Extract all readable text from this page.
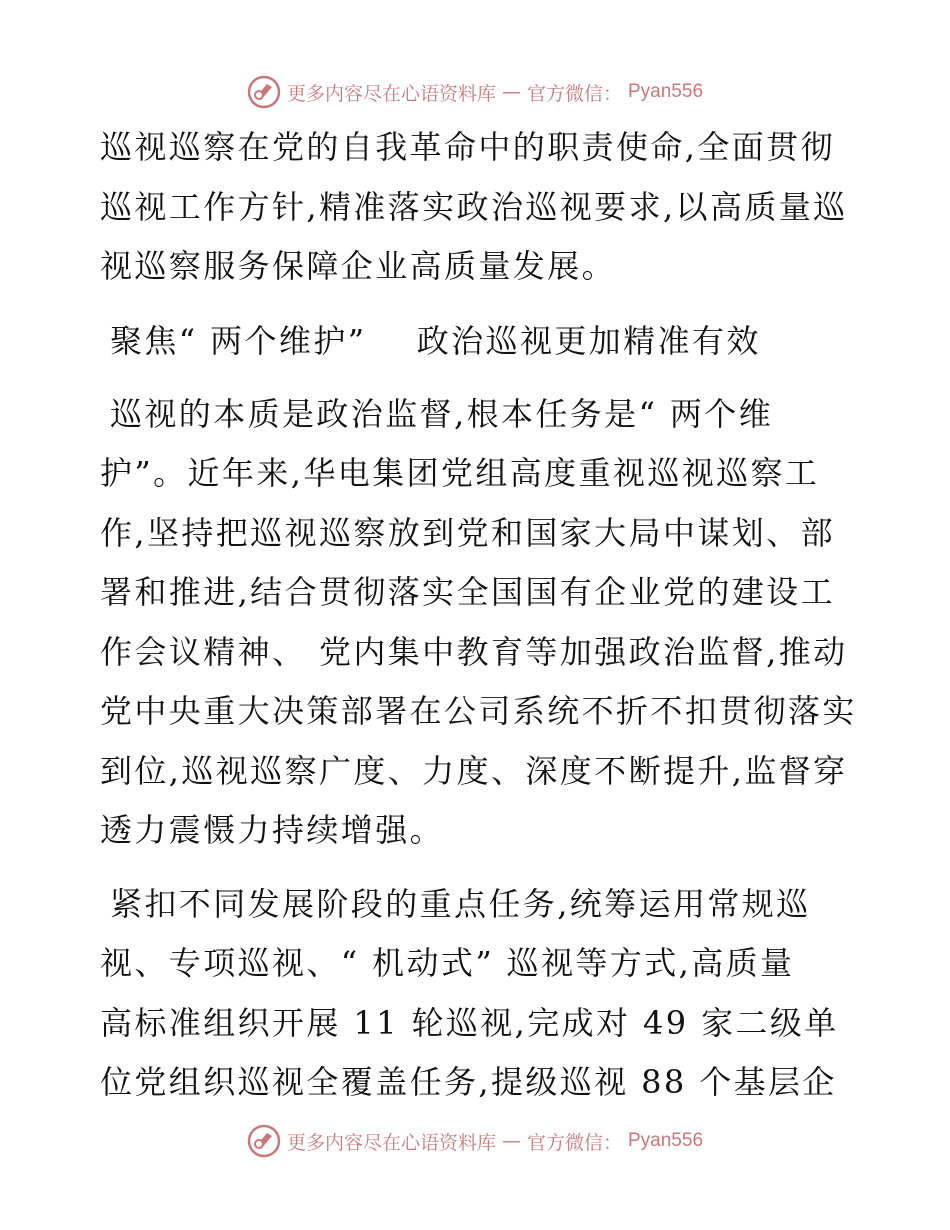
更多内容尽在心语资料库 — 官方微信： Pyan556

巡视巡察在党的自我革命中的职责使命,全面贯彻
巡视工作方针,精准落实政治巡视要求,以高质量巡
视巡察服务保障企业高质量发展。

聚焦“ 两个维护”    政治巡视更加精准有效

巡视的本质是政治监督,根本任务是“ 两个维
护”。近年来,华电集团党组高度重视巡视巡察工
作,坚持把巡视巡察放到党和国家大局中谋划、部
署和推进,结合贯彻落实全国国有企业党的建设工
作会议精神、 党内集中教育等加强政治监督,推动
党中央重大决策部署在公司系统不折不扣贯彻落实
到位,巡视巡察广度、力度、深度不断提升,监督穿
透力震慑力持续增强。

紧扣不同发展阶段的重点任务,统筹运用常规巡
视、专项巡视、“ 机动式” 巡视等方式,高质量
高标准组织开展 11 轮巡视,完成对 49 家二级单
位党组织巡视全覆盖任务,提级巡视 88 个基层企

更多内容尽在心语资料库 — 官方微信： Pyan556
